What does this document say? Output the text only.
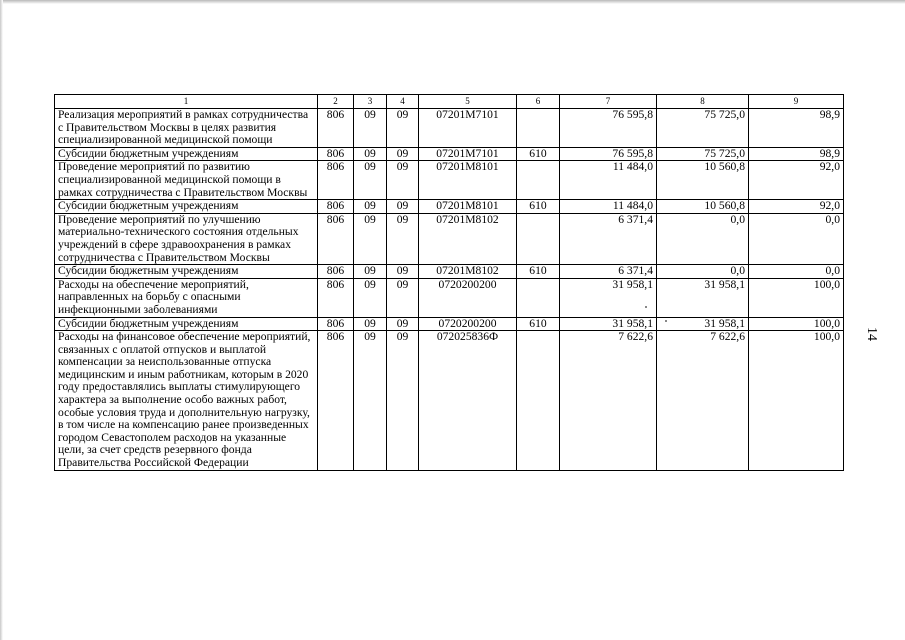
1	2	3	4	5	6	7	8	9
Реализация мероприятий в рамках сотрудничества с Правительством Москвы в целях развития специализированной медицинской помощи	806	09	09	07201М7101		76 595,8	75 725,0	98,9
Субсидии бюджетным учреждениям	806	09	09	07201М7101	610	76 595,8	75 725,0	98,9
Проведение мероприятий по развитию специализированной медицинской помощи в рамках сотрудничества с Правительством Москвы	806	09	09	07201М8101		11 484,0	10 560,8	92,0
Субсидии бюджетным учреждениям	806	09	09	07201М8101	610	11 484,0	10 560,8	92,0
Проведение мероприятий по улучшению материально-технического состояния отдельных учреждений в сфере здравоохранения в рамках сотрудничества с Правительством Москвы	806	09	09	07201М8102		6 371,4	0,0	0,0
Субсидии бюджетным учреждениям	806	09	09	07201М8102	610	6 371,4	0,0	0,0
Расходы на обеспечение мероприятий, направленных на борьбу с опасными инфекционными заболеваниями	806	09	09	0720200200		31 958,1	31 958,1	100,0
Субсидии бюджетным учреждениям	806	09	09	0720200200	610	31 958,1	31 958,1	100,0
Расходы на финансовое обеспечение мероприятий, связанных с оплатой отпусков и выплатой компенсации за неиспользованные отпуска медицинским и иным работникам, которым в 2020 году предоставлялись выплаты стимулирующего характера за выполнение особо важных работ, особые условия труда и дополнительную нагрузку, в том числе на компенсацию ранее произведенных городом Севастополем расходов на указанные цели, за счет средств резервного фонда Правительства Российской Федерации	806	09	09	072025836Ф		7 622,6	7 622,6	100,0 14
